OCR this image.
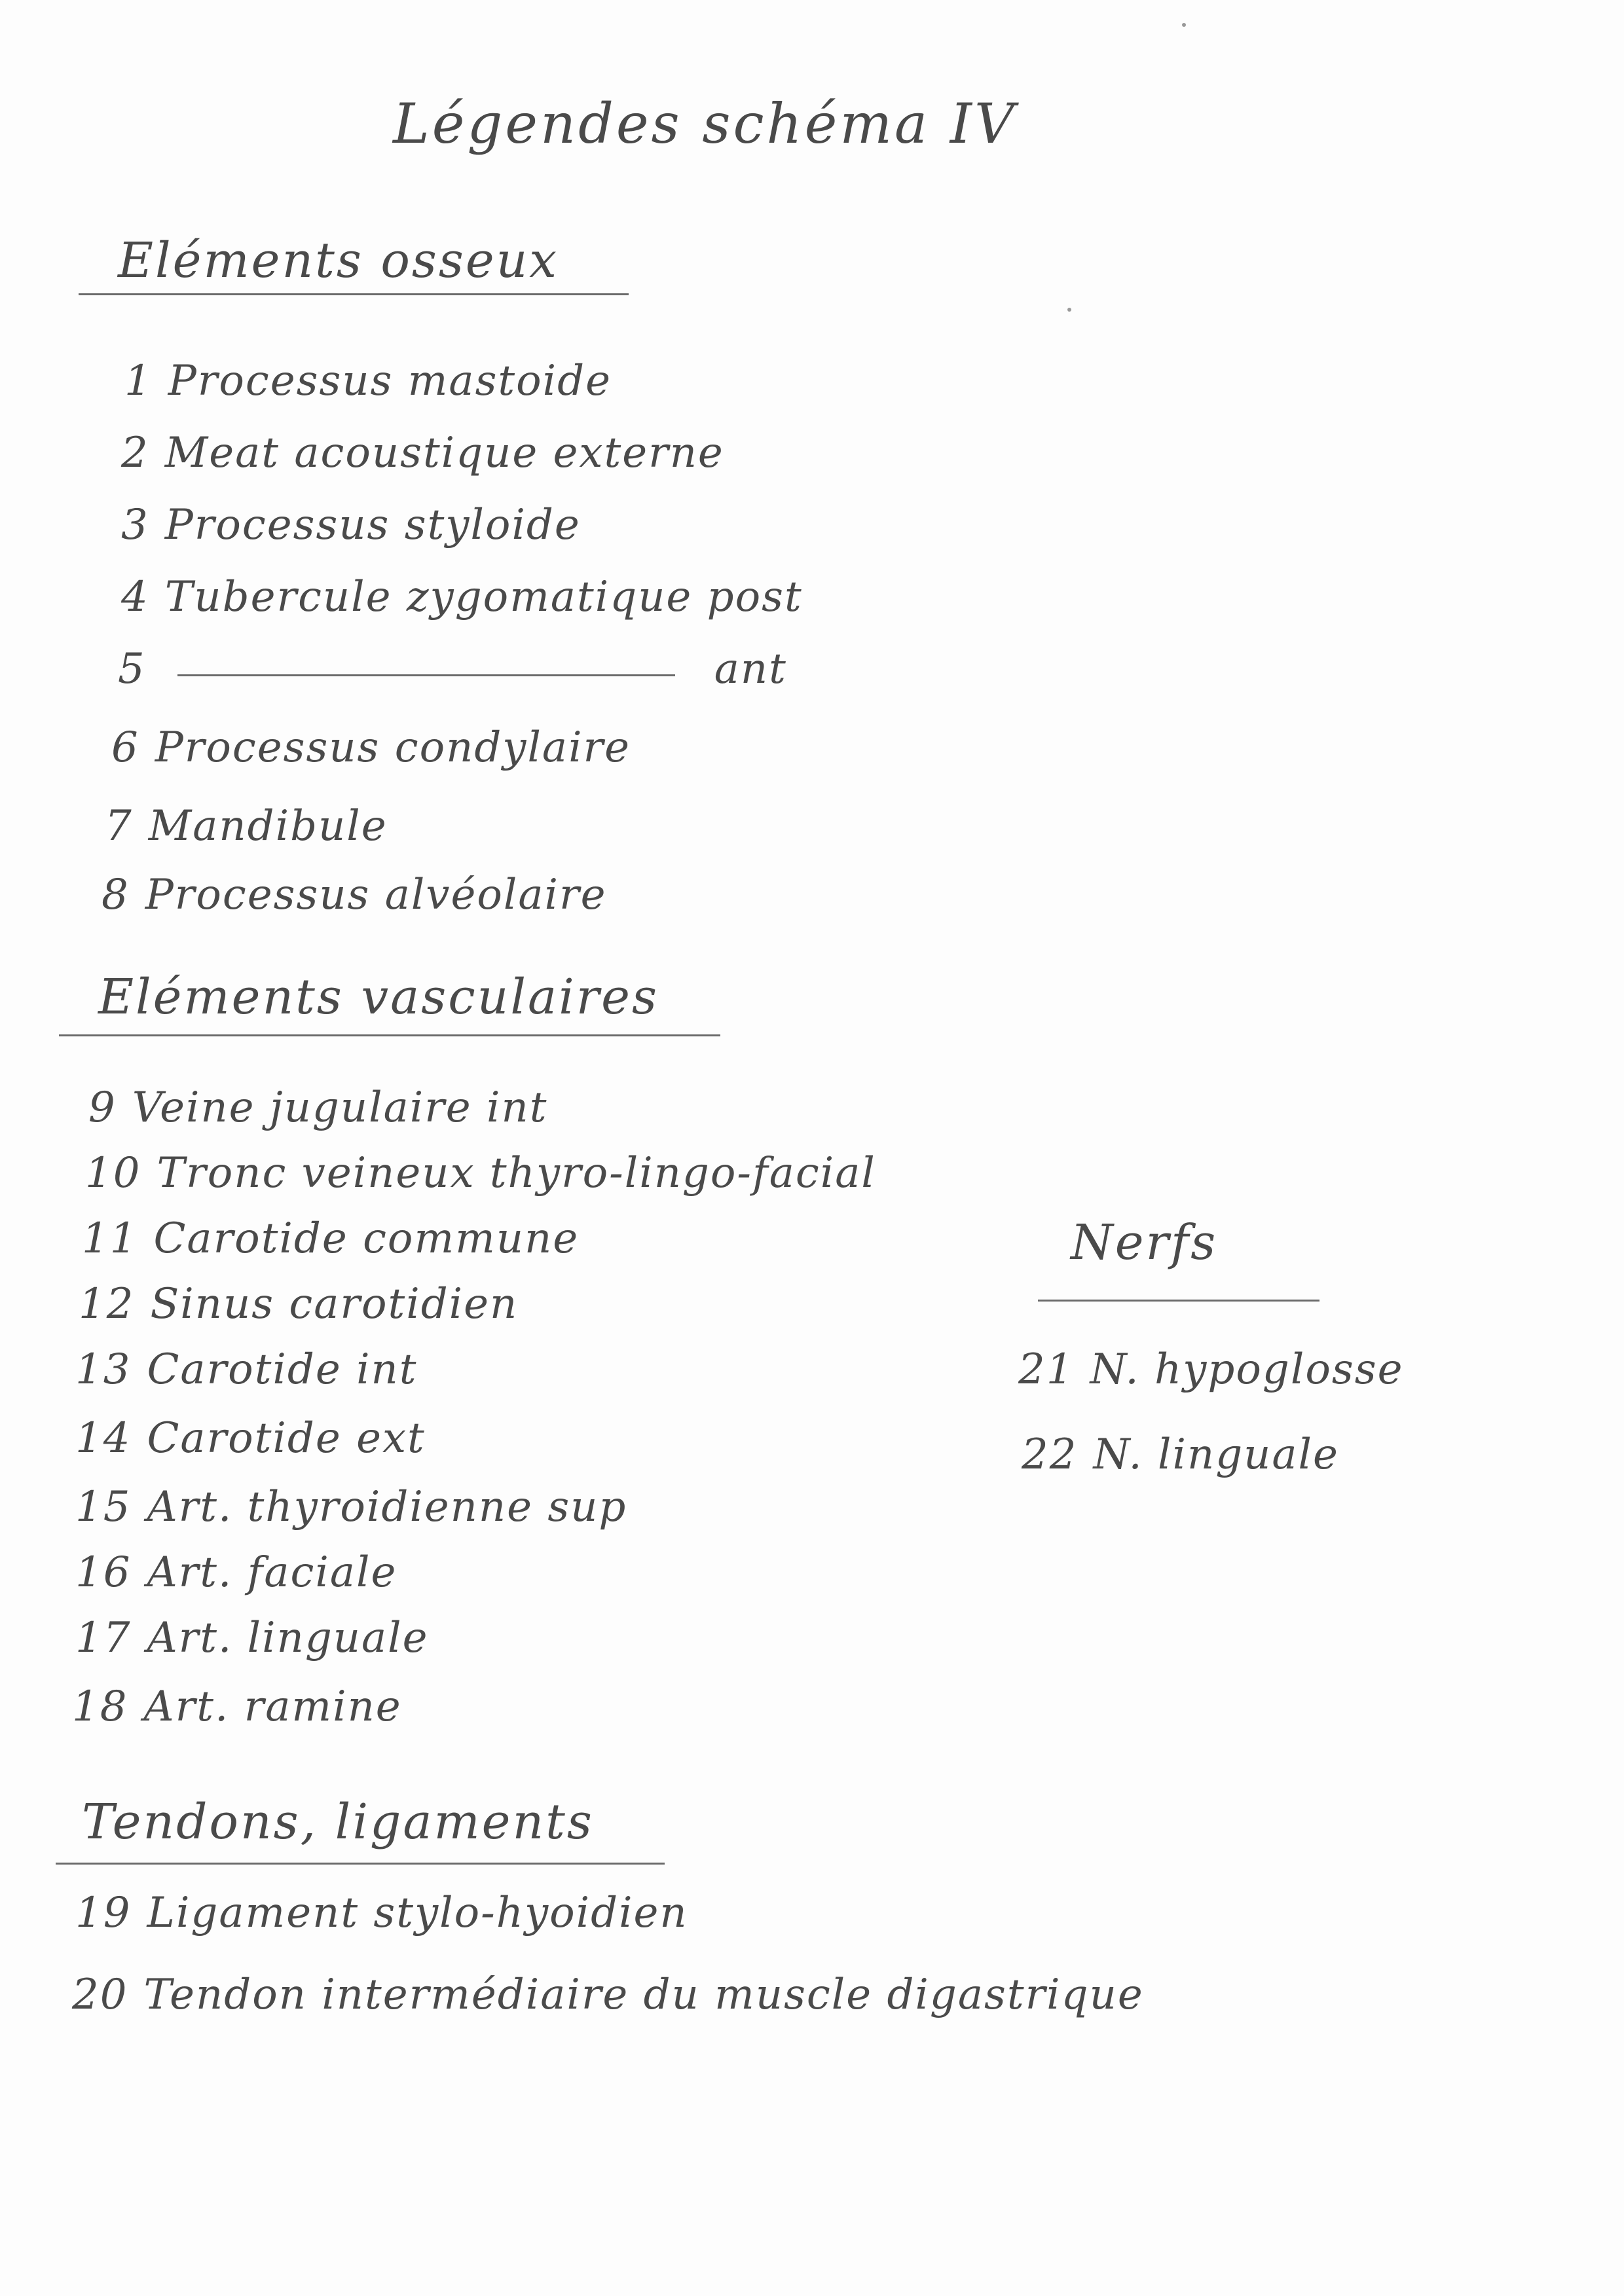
Légendes schéma IV
Eléments osseux
1 Processus mastoide
2 Meat acoustique externe
3 Processus styloide
4 Tubercule zygomatique post
5	ant
6 Processus condylaire
7 Mandibule
8 Processus alvéolaire
Eléments vasculaires
9 Veine jugulaire int
10 Tronc veineux thyro-lingo-facial
11 Carotide commune
12 Sinus carotidien
13 Carotide int
14 Carotide ext
15 Art. thyroidienne sup
16 Art. faciale
17 Art. linguale
18 Art. ramine
Tendons, ligaments
19 Ligament stylo-hyoidien
20 Tendon intermédiaire du muscle digastrique
Nerfs
21 N. hypoglosse
22 N. linguale
